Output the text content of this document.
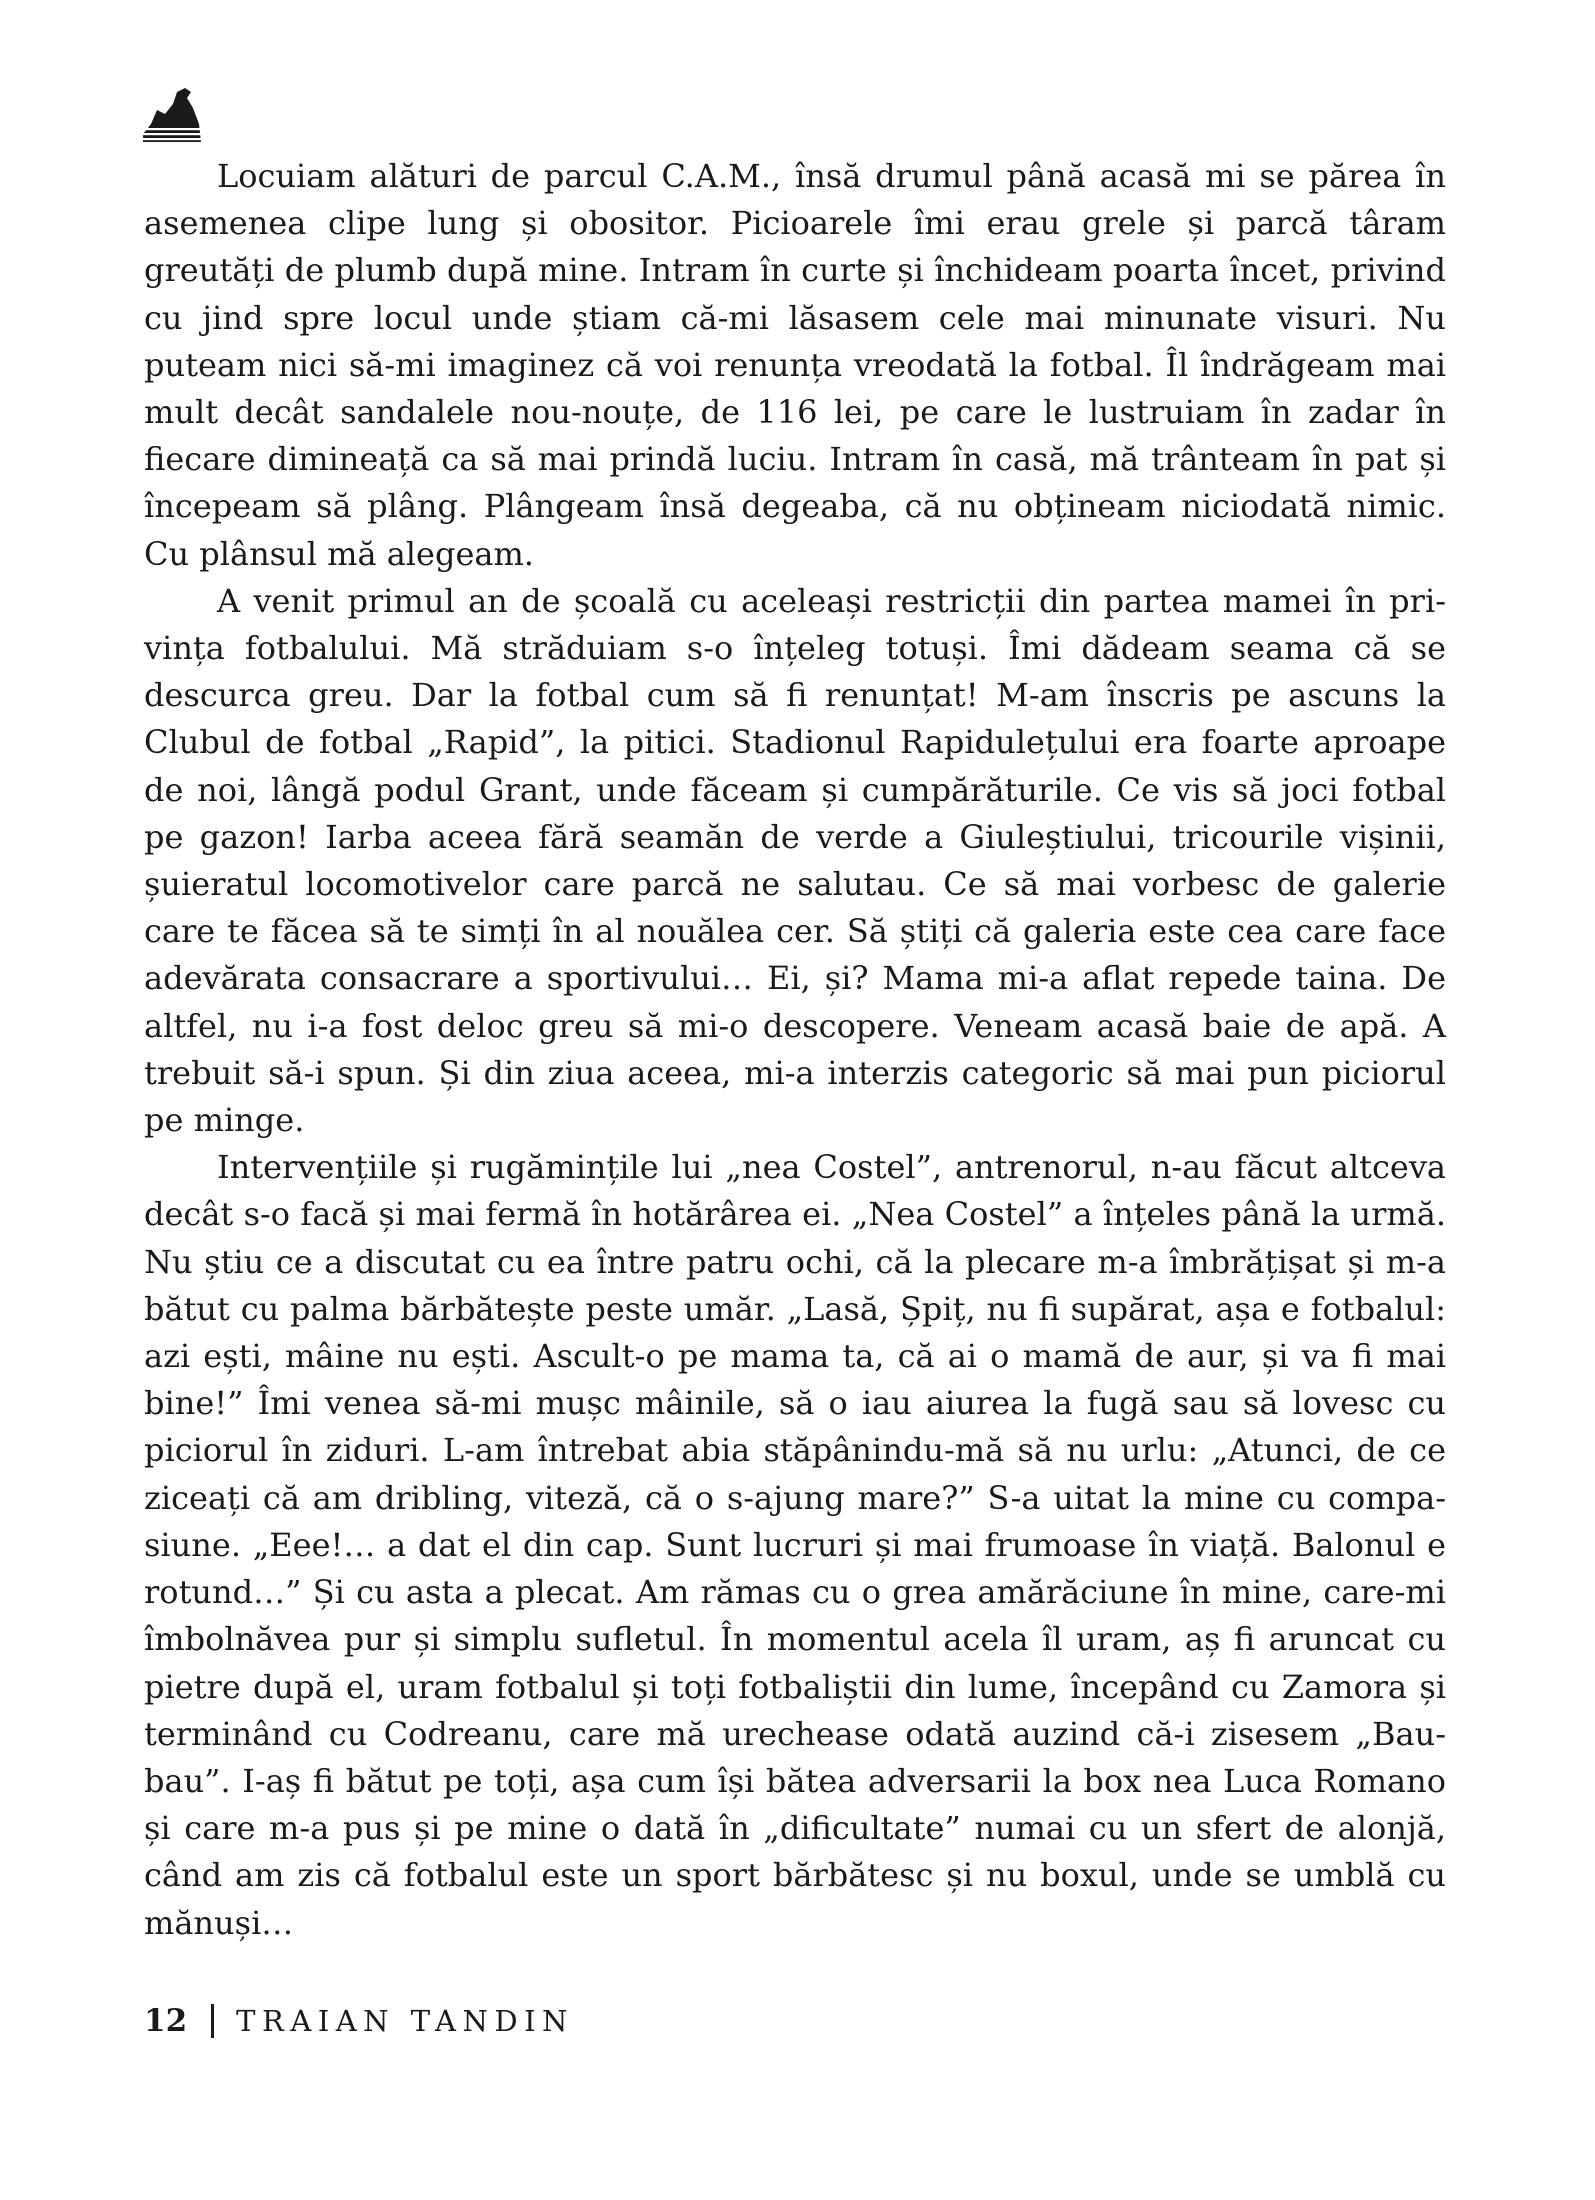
Locuiam alături de parcul C.A.M., însă drumul până acasă mi se părea în asemenea clipe lung și obositor. Picioarele îmi erau grele și parcă târam greutăți de plumb după mine. Intram în curte și închideam poarta încet, privind cu jind spre locul unde știam că-mi lăsasem cele mai minunate visuri. Nu puteam nici să-mi imaginez că voi renunța vreodată la fotbal. Îl îndrăgeam mai mult decât sandalele nou-nouțe, de 116 lei, pe care le lustruiam în zadar în fiecare dimineață ca să mai prindă luciu. Intram în casă, mă trânteam în pat și începeam să plâng. Plângeam însă degeaba, că nu obțineam niciodată nimic. Cu plânsul mă alegeam.

A venit primul an de școală cu aceleași restricții din partea mamei în privința fotbalului. Mă străduiam s-o înțeleg totuși. Îmi dădeam seama că se descurca greu. Dar la fotbal cum să fi renunțat! M-am înscris pe ascuns la Clubul de fotbal „Rapid”, la pitici. Stadionul Rapidulețului era foarte aproape de noi, lângă podul Grant, unde făceam și cumpărăturile. Ce vis să joci fotbal pe gazon! Iarba aceea fără seamăn de verde a Giuleștiului, tricourile vișinii, șuieratul locomotivelor care parcă ne salutau. Ce să mai vorbesc de galerie care te făcea să te simți în al nouălea cer. Să știți că galeria este cea care face adevărata consacrare a sportivului… Ei, și? Mama mi-a aflat repede taina. De altfel, nu i-a fost deloc greu să mi-o descopere. Veneam acasă baie de apă. A trebuit să-i spun. Și din ziua aceea, mi-a interzis categoric să mai pun piciorul pe minge.

Intervențiile și rugămințile lui „nea Costel”, antrenorul, n-au făcut altceva decât s-o facă și mai fermă în hotărârea ei. „Nea Costel” a înțeles până la urmă. Nu știu ce a discutat cu ea între patru ochi, că la plecare m-a îmbrățișat și m-a bătut cu palma bărbătește peste umăr. „Lasă, Șpiț, nu fi supărat, așa e fotbalul: azi ești, mâine nu ești. Ascult-o pe mama ta, că ai o mamă de aur, și va fi mai bine!” Îmi venea să-mi mușc mâinile, să o iau aiurea la fugă sau să lovesc cu piciorul în ziduri. L-am întrebat abia stăpânindu-mă să nu urlu: „Atunci, de ce ziceați că am dribling, viteză, că o s-ajung mare?” S-a uitat la mine cu compasiune. „Eee!… a dat el din cap. Sunt lucruri și mai frumoase în viață. Balonul e rotund…” Și cu asta a plecat. Am rămas cu o grea amărăciune în mine, care-mi îmbolnăvea pur și simplu sufletul. În momentul acela îl uram, aș fi aruncat cu pietre după el, uram fotbalul și toți fotbaliștii din lume, începând cu Zamora și terminând cu Codreanu, care mă urechease odată auzind că-i zisesem „Bau-bau”. I-aș fi bătut pe toți, așa cum își bătea adversarii la box nea Luca Romano și care m-a pus și pe mine o dată în „dificultate” numai cu un sfert de alonjă, când am zis că fotbalul este un sport bărbătesc și nu boxul, unde se umblă cu mănuși…

12 TRAIAN TANDIN
